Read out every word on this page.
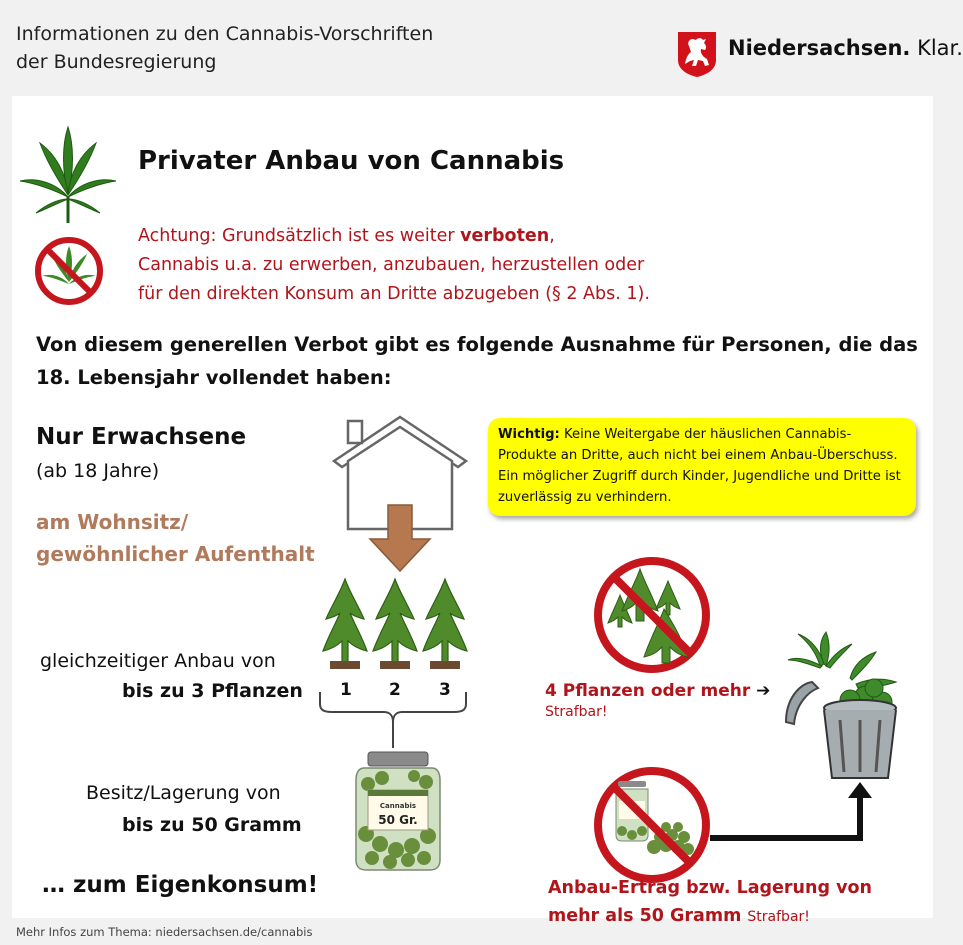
Informationen zu den Cannabis-Vorschriften
der Bundesregierung
Niedersachsen. Klar.
Privater Anbau von Cannabis
Achtung: Grundsätzlich ist es weiter verboten,
Cannabis u.a. zu erwerben, anzubauen, herzustellen oder
für den direkten Konsum an Dritte abzugeben (§ 2 Abs. 1).
Von diesem generellen Verbot gibt es folgende Ausnahme für Personen, die das 18. Lebensjahr vollendet haben:
Nur Erwachsene
(ab 18 Jahre)
am Wohnsitz/
gewöhnlicher Aufenthalt
1 2 3
gleichzeitiger Anbau von
bis zu 3 Pflanzen
Cannabis
50 Gr.
Besitz/Lagerung von
bis zu 50 Gramm
… zum Eigenkonsum!
Wichtig: Keine Weitergabe der häuslichen Cannabis-Produkte an Dritte, auch nicht bei einem Anbau-Überschuss. Ein möglicher Zugriff durch Kinder, Jugendliche und Dritte ist zuverlässig zu verhindern.
4 Pflanzen oder mehr ➔
Strafbar!
Anbau-Ertrag bzw. Lagerung von
mehr als 50 Gramm Strafbar!
Mehr Infos zum Thema: niedersachsen.de/cannabis
